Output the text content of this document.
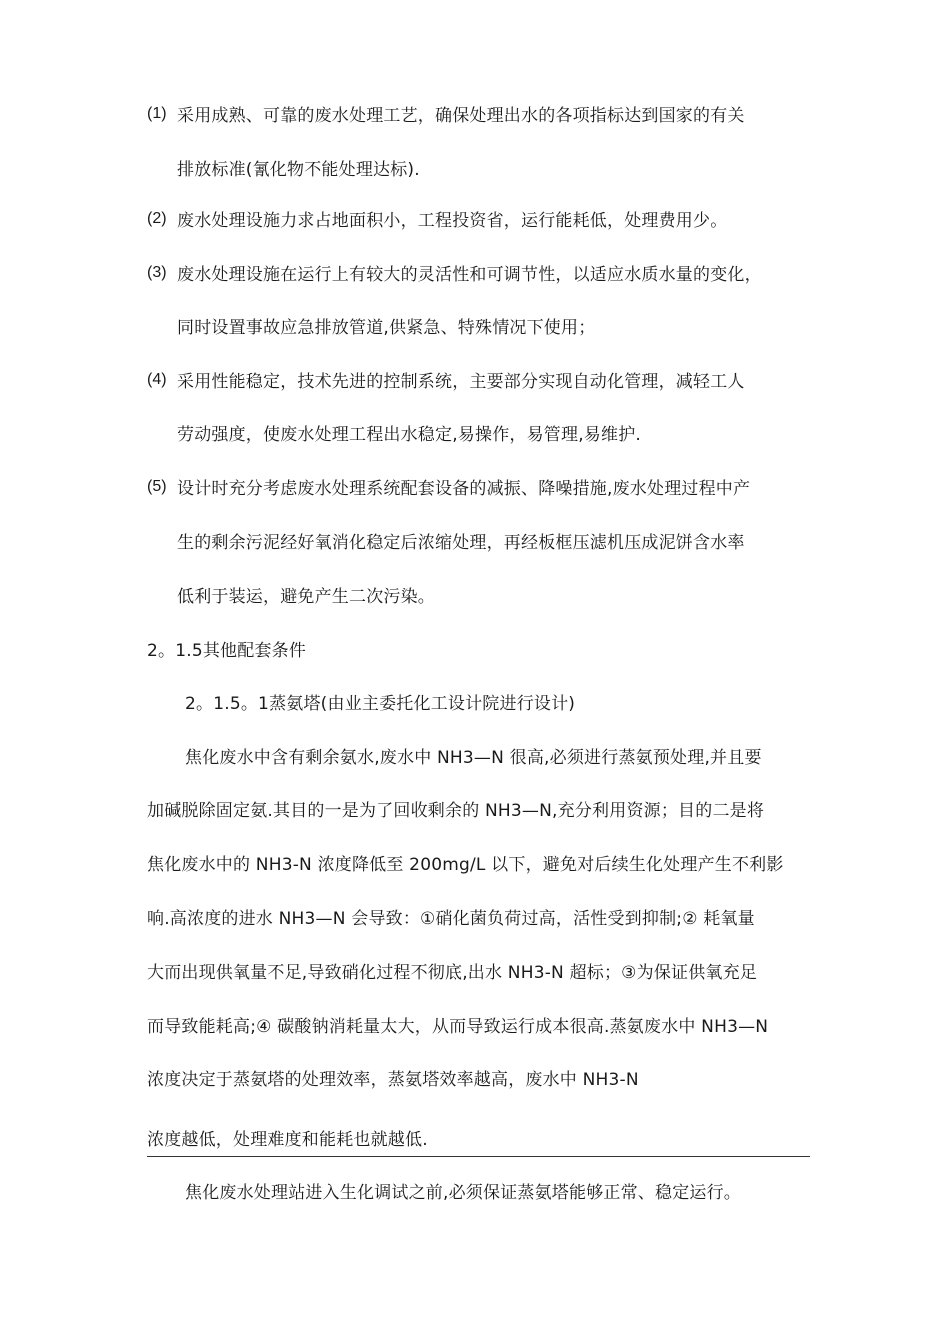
(1) 采用成熟、可靠的废水处理工艺，确保处理出水的各项指标达到国家的有关
排放标准(氰化物不能处理达标).
(2) 废水处理设施力求占地面积小，工程投资省，运行能耗低，处理费用少。
(3) 废水处理设施在运行上有较大的灵活性和可调节性，以适应水质水量的变化，
同时设置事故应急排放管道,供紧急、特殊情况下使用；
(4) 采用性能稳定，技术先进的控制系统，主要部分实现自动化管理，减轻工人
劳动强度，使废水处理工程出水稳定,易操作，易管理,易维护.
(5) 设计时充分考虑废水处理系统配套设备的减振、降噪措施,废水处理过程中产
生的剩余污泥经好氧消化稳定后浓缩处理，再经板框压滤机压成泥饼含水率
低利于装运，避免产生二次污染。
2。1.5其他配套条件
2。1.5。1蒸氨塔(由业主委托化工设计院进行设计)
焦化废水中含有剩余氨水,废水中 NH3—N 很高,必须进行蒸氨预处理,并且要
加碱脱除固定氨.其目的一是为了回收剩余的 NH3—N,充分利用资源；目的二是将
焦化废水中的 NH3-N 浓度降低至 200mg/L 以下，避免对后续生化处理产生不利影
响.高浓度的进水 NH3—N 会导致：①硝化菌负荷过高，活性受到抑制;② 耗氧量
大而出现供氧量不足,导致硝化过程不彻底,出水 NH3-N 超标；③为保证供氧充足
而导致能耗高;④ 碳酸钠消耗量太大，从而导致运行成本很高.蒸氨废水中 NH3—N
浓度决定于蒸氨塔的处理效率，蒸氨塔效率越高，废水中 NH3-N
浓度越低，处理难度和能耗也就越低.
焦化废水处理站进入生化调试之前,必须保证蒸氨塔能够正常、稳定运行。
